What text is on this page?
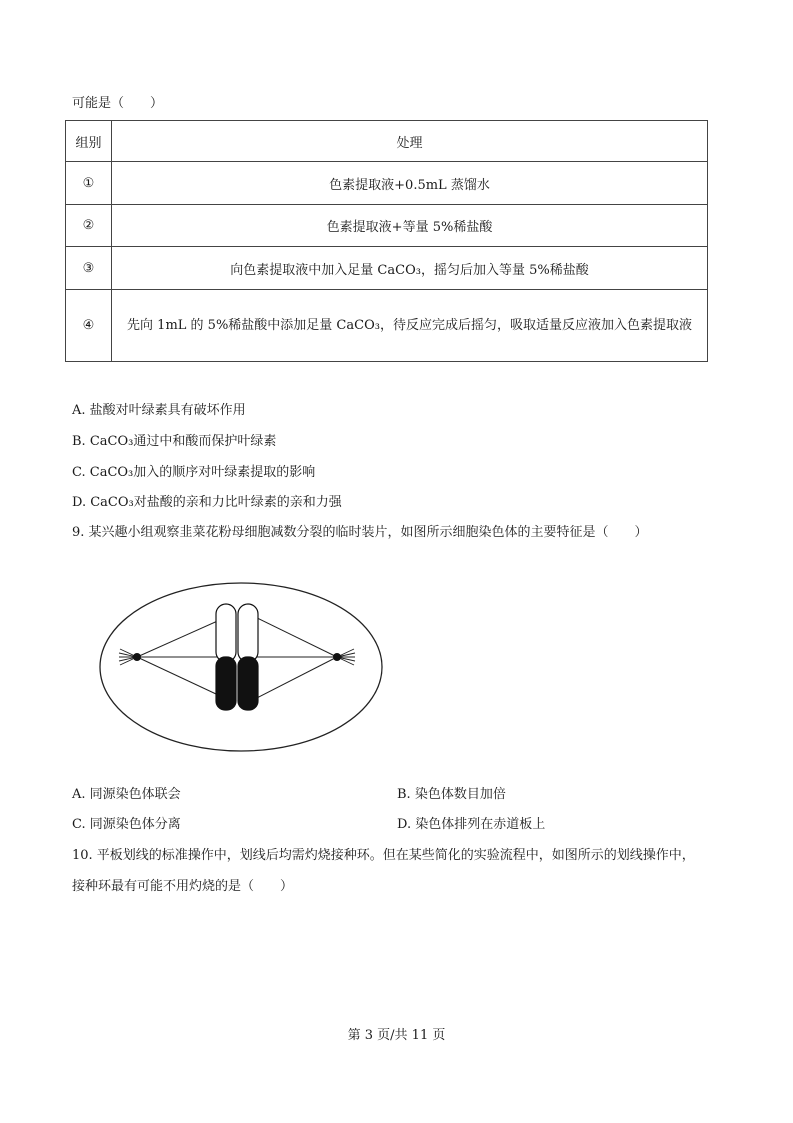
可能是（　　）
组别	处理
①	色素提取液+0.5mL 蒸馏水
②	色素提取液+等量 5%稀盐酸
③	向色素提取液中加入足量 CaCO₃，摇匀后加入等量 5%稀盐酸
④	先向 1mL 的 5%稀盐酸中添加足量 CaCO₃，待反应完成后摇匀，吸取适量反应液加入色素提取液
A. 盐酸对叶绿素具有破坏作用
B. CaCO₃通过中和酸而保护叶绿素
C. CaCO₃加入的顺序对叶绿素提取的影响
D. CaCO₃对盐酸的亲和力比叶绿素的亲和力强
9. 某兴趣小组观察韭菜花粉母细胞减数分裂的临时装片，如图所示细胞染色体的主要特征是（　　）
A. 同源染色体联会	B. 染色体数目加倍
C. 同源染色体分离	D. 染色体排列在赤道板上
10. 平板划线的标准操作中，划线后均需灼烧接种环。但在某些简化的实验流程中，如图所示的划线操作中，
接种环最有可能不用灼烧的是（　　）
第 3 页/共 11 页
